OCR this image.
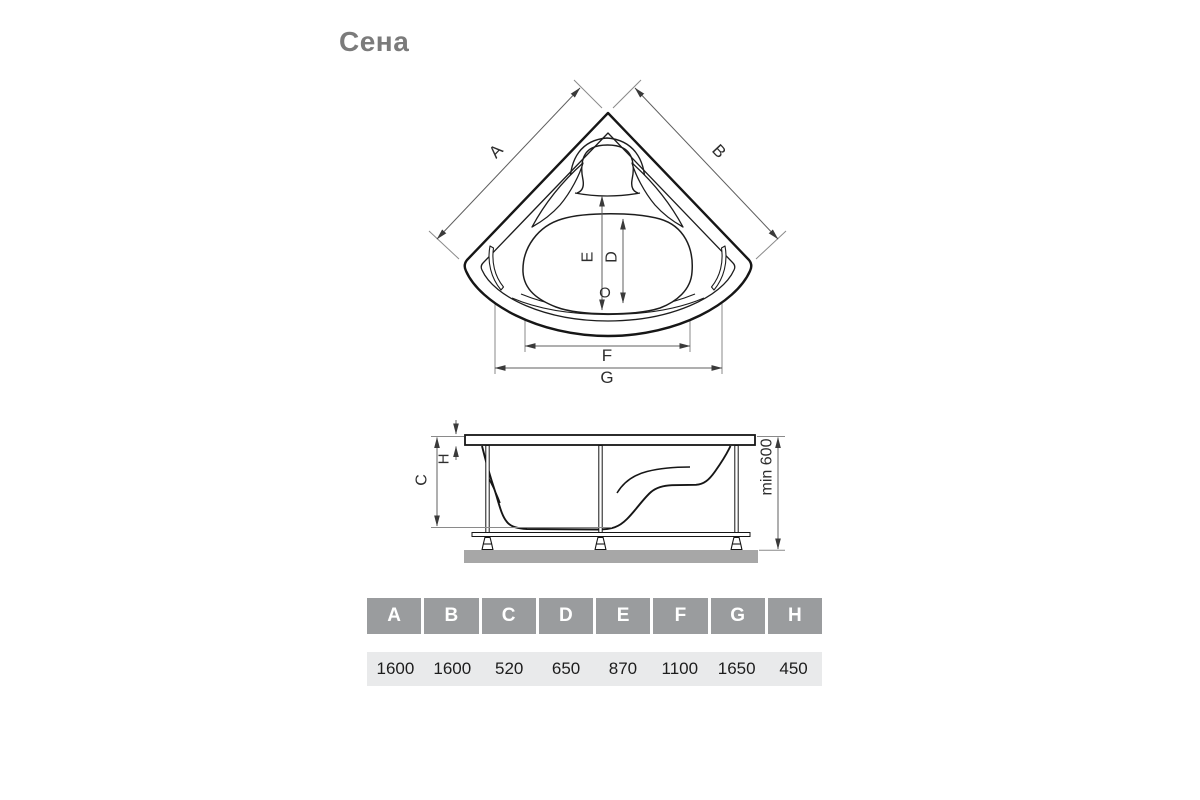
Сена
A	B
E D
O
F
G
C
H	min 600
A	B	C	D	E	F	G	H
1600	1600	520	650	870	1100	1650	450
